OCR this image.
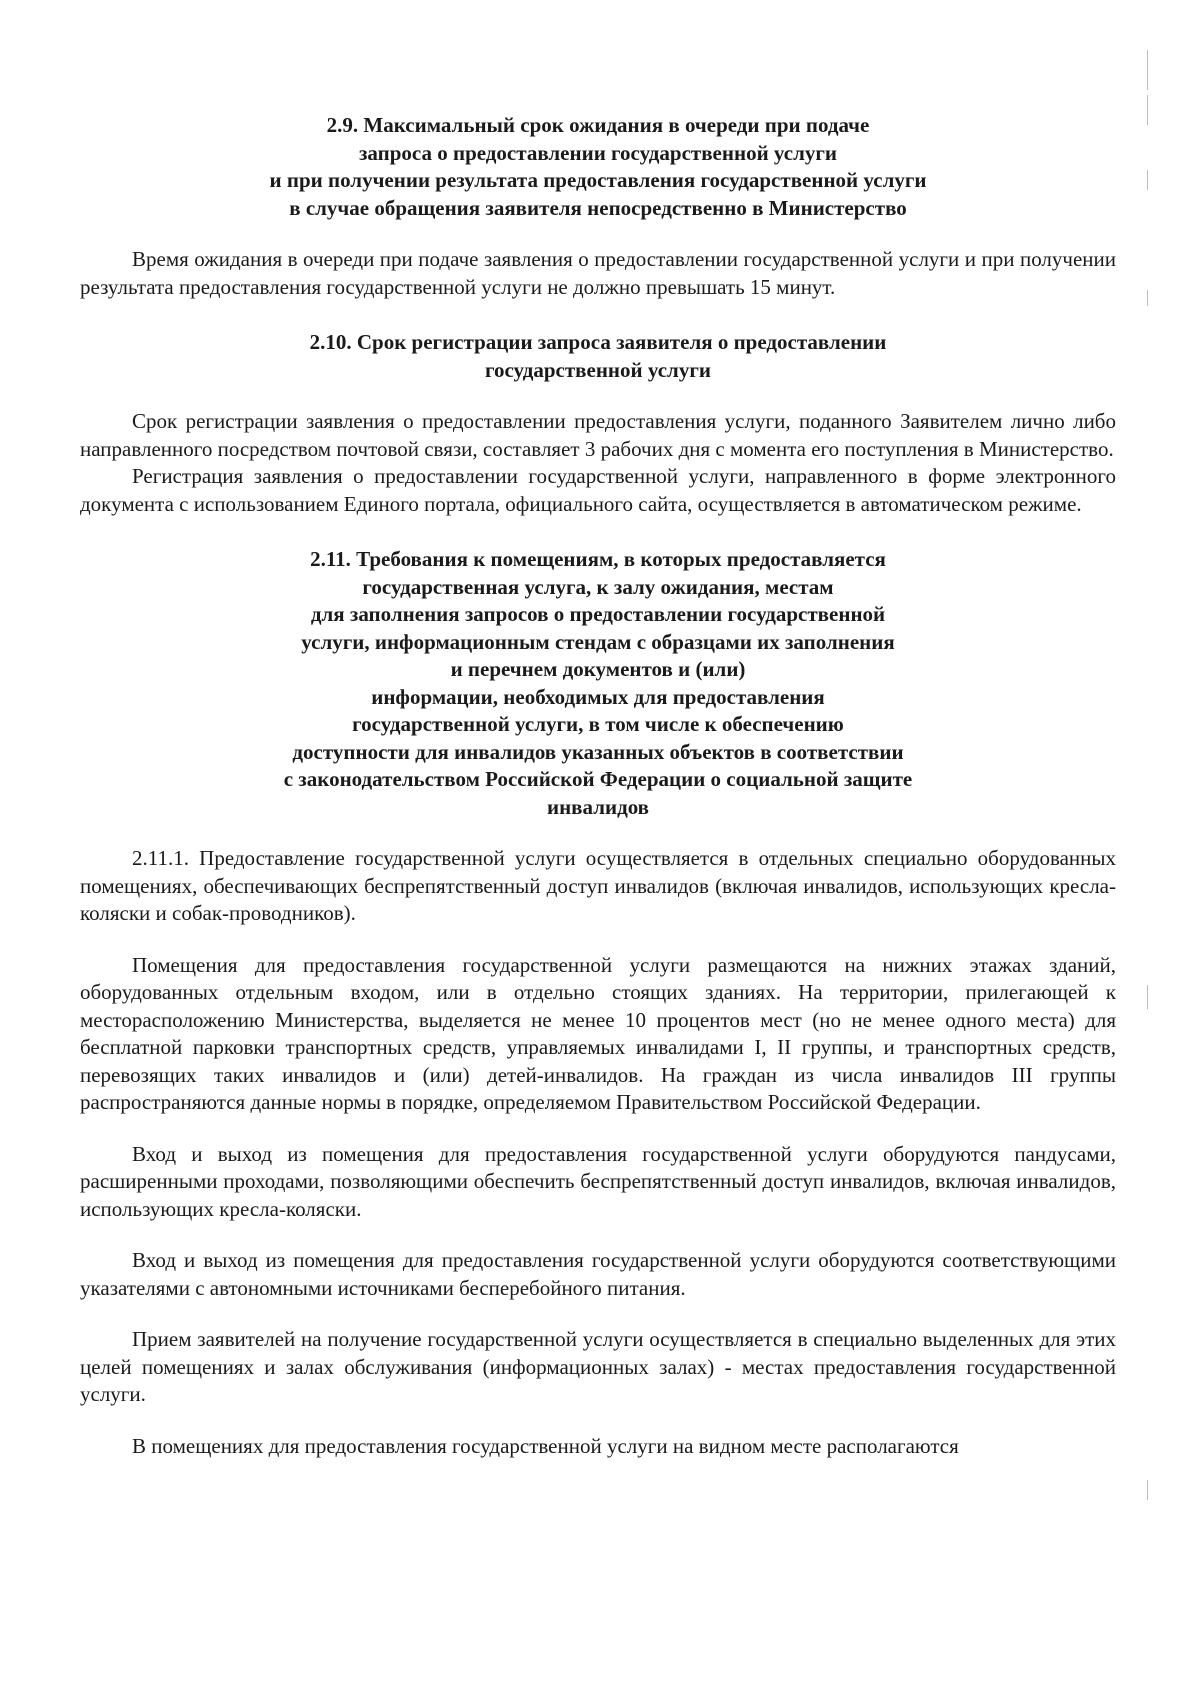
2.9. Максимальный срок ожидания в очереди при подаче
запроса о предоставлении государственной услуги
и при получении результата предоставления государственной услуги
в случае обращения заявителя непосредственно в Министерство

Время ожидания в очереди при подаче заявления о предоставлении государственной услуги и при получении результата предоставления государственной услуги не должно превышать 15 минут.

2.10. Срок регистрации запроса заявителя о предоставлении
государственной услуги

Срок регистрации заявления о предоставлении предоставления услуги, поданного Заявителем лично либо направленного посредством почтовой связи, составляет 3 рабочих дня с момента его поступления в Министерство.

Регистрация заявления о предоставлении государственной услуги, направленного в форме электронного документа с использованием Единого портала, официального сайта, осуществляется в автоматическом режиме.

2.11. Требования к помещениям, в которых предоставляется
государственная услуга, к залу ожидания, местам
для заполнения запросов о предоставлении государственной
услуги, информационным стендам с образцами их заполнения
и перечнем документов и (или)
информации, необходимых для предоставления
государственной услуги, в том числе к обеспечению
доступности для инвалидов указанных объектов в соответствии
с законодательством Российской Федерации о социальной защите
инвалидов

2.11.1. Предоставление государственной услуги осуществляется в отдельных специально оборудованных помещениях, обеспечивающих беспрепятственный доступ инвалидов (включая инвалидов, использующих кресла-коляски и собак-проводников).

Помещения для предоставления государственной услуги размещаются на нижних этажах зданий, оборудованных отдельным входом, или в отдельно стоящих зданиях. На территории, прилегающей к месторасположению Министерства, выделяется не менее 10 процентов мест (но не менее одного места) для бесплатной парковки транспортных средств, управляемых инвалидами I, II группы, и транспортных средств, перевозящих таких инвалидов и (или) детей-инвалидов. На граждан из числа инвалидов III группы распространяются данные нормы в порядке, определяемом Правительством Российской Федерации.

Вход и выход из помещения для предоставления государственной услуги оборудуются пандусами, расширенными проходами, позволяющими обеспечить беспрепятственный доступ инвалидов, включая инвалидов, использующих кресла-коляски.

Вход и выход из помещения для предоставления государственной услуги оборудуются соответствующими указателями с автономными источниками бесперебойного питания.

Прием заявителей на получение государственной услуги осуществляется в специально выделенных для этих целей помещениях и залах обслуживания (информационных залах) - местах предоставления государственной услуги.

В помещениях для предоставления государственной услуги на видном месте располагаются
